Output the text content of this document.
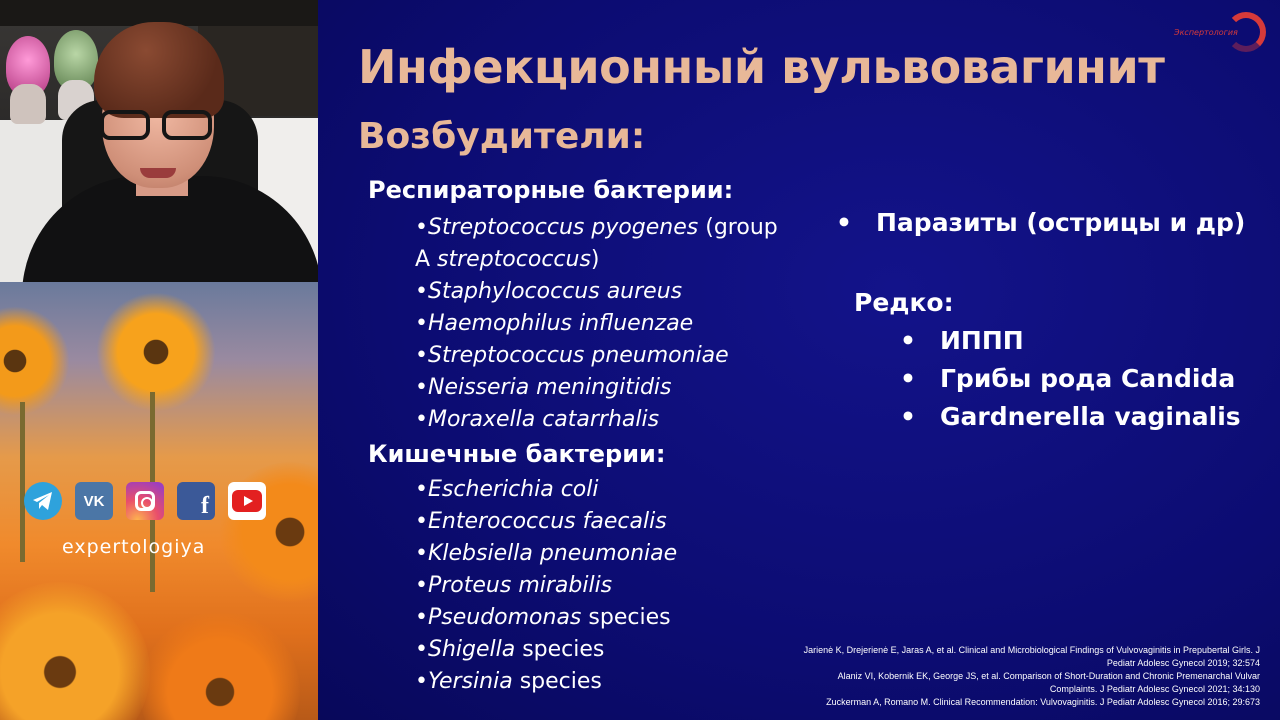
VK	f
expertologiya
Экспертология
Инфекционный вульвовагинит
Возбудители:
Респираторные бактерии:
•Streptococcus pyogenes (group
A streptococcus)
•Staphylococcus aureus
•Haemophilus influenzae
•Streptococcus pneumoniae
•Neisseria meningitidis
•Moraxella catarrhalis
Кишечные бактерии:
•Escherichia coli
•Enterococcus faecalis
•Klebsiella pneumoniae
•Proteus mirabilis
•Pseudomonas species
•Shigella species
•Yersinia species
• Паразиты (острицы и др)
Редко:
• ИППП
• Грибы рода Candida
• Gardnerella vaginalis
Jarienė K, Drejerienė E, Jaras A, et al. Clinical and Microbiological Findings of Vulvovaginitis in Prepubertal Girls. J
Pediatr Adolesc Gynecol 2019; 32:574
Alaniz VI, Kobernik EK, George JS, et al. Comparison of Short-Duration and Chronic Premenarchal Vulvar
Complaints. J Pediatr Adolesc Gynecol 2021; 34:130
Zuckerman A, Romano M. Clinical Recommendation: Vulvovaginitis. J Pediatr Adolesc Gynecol 2016; 29:673
